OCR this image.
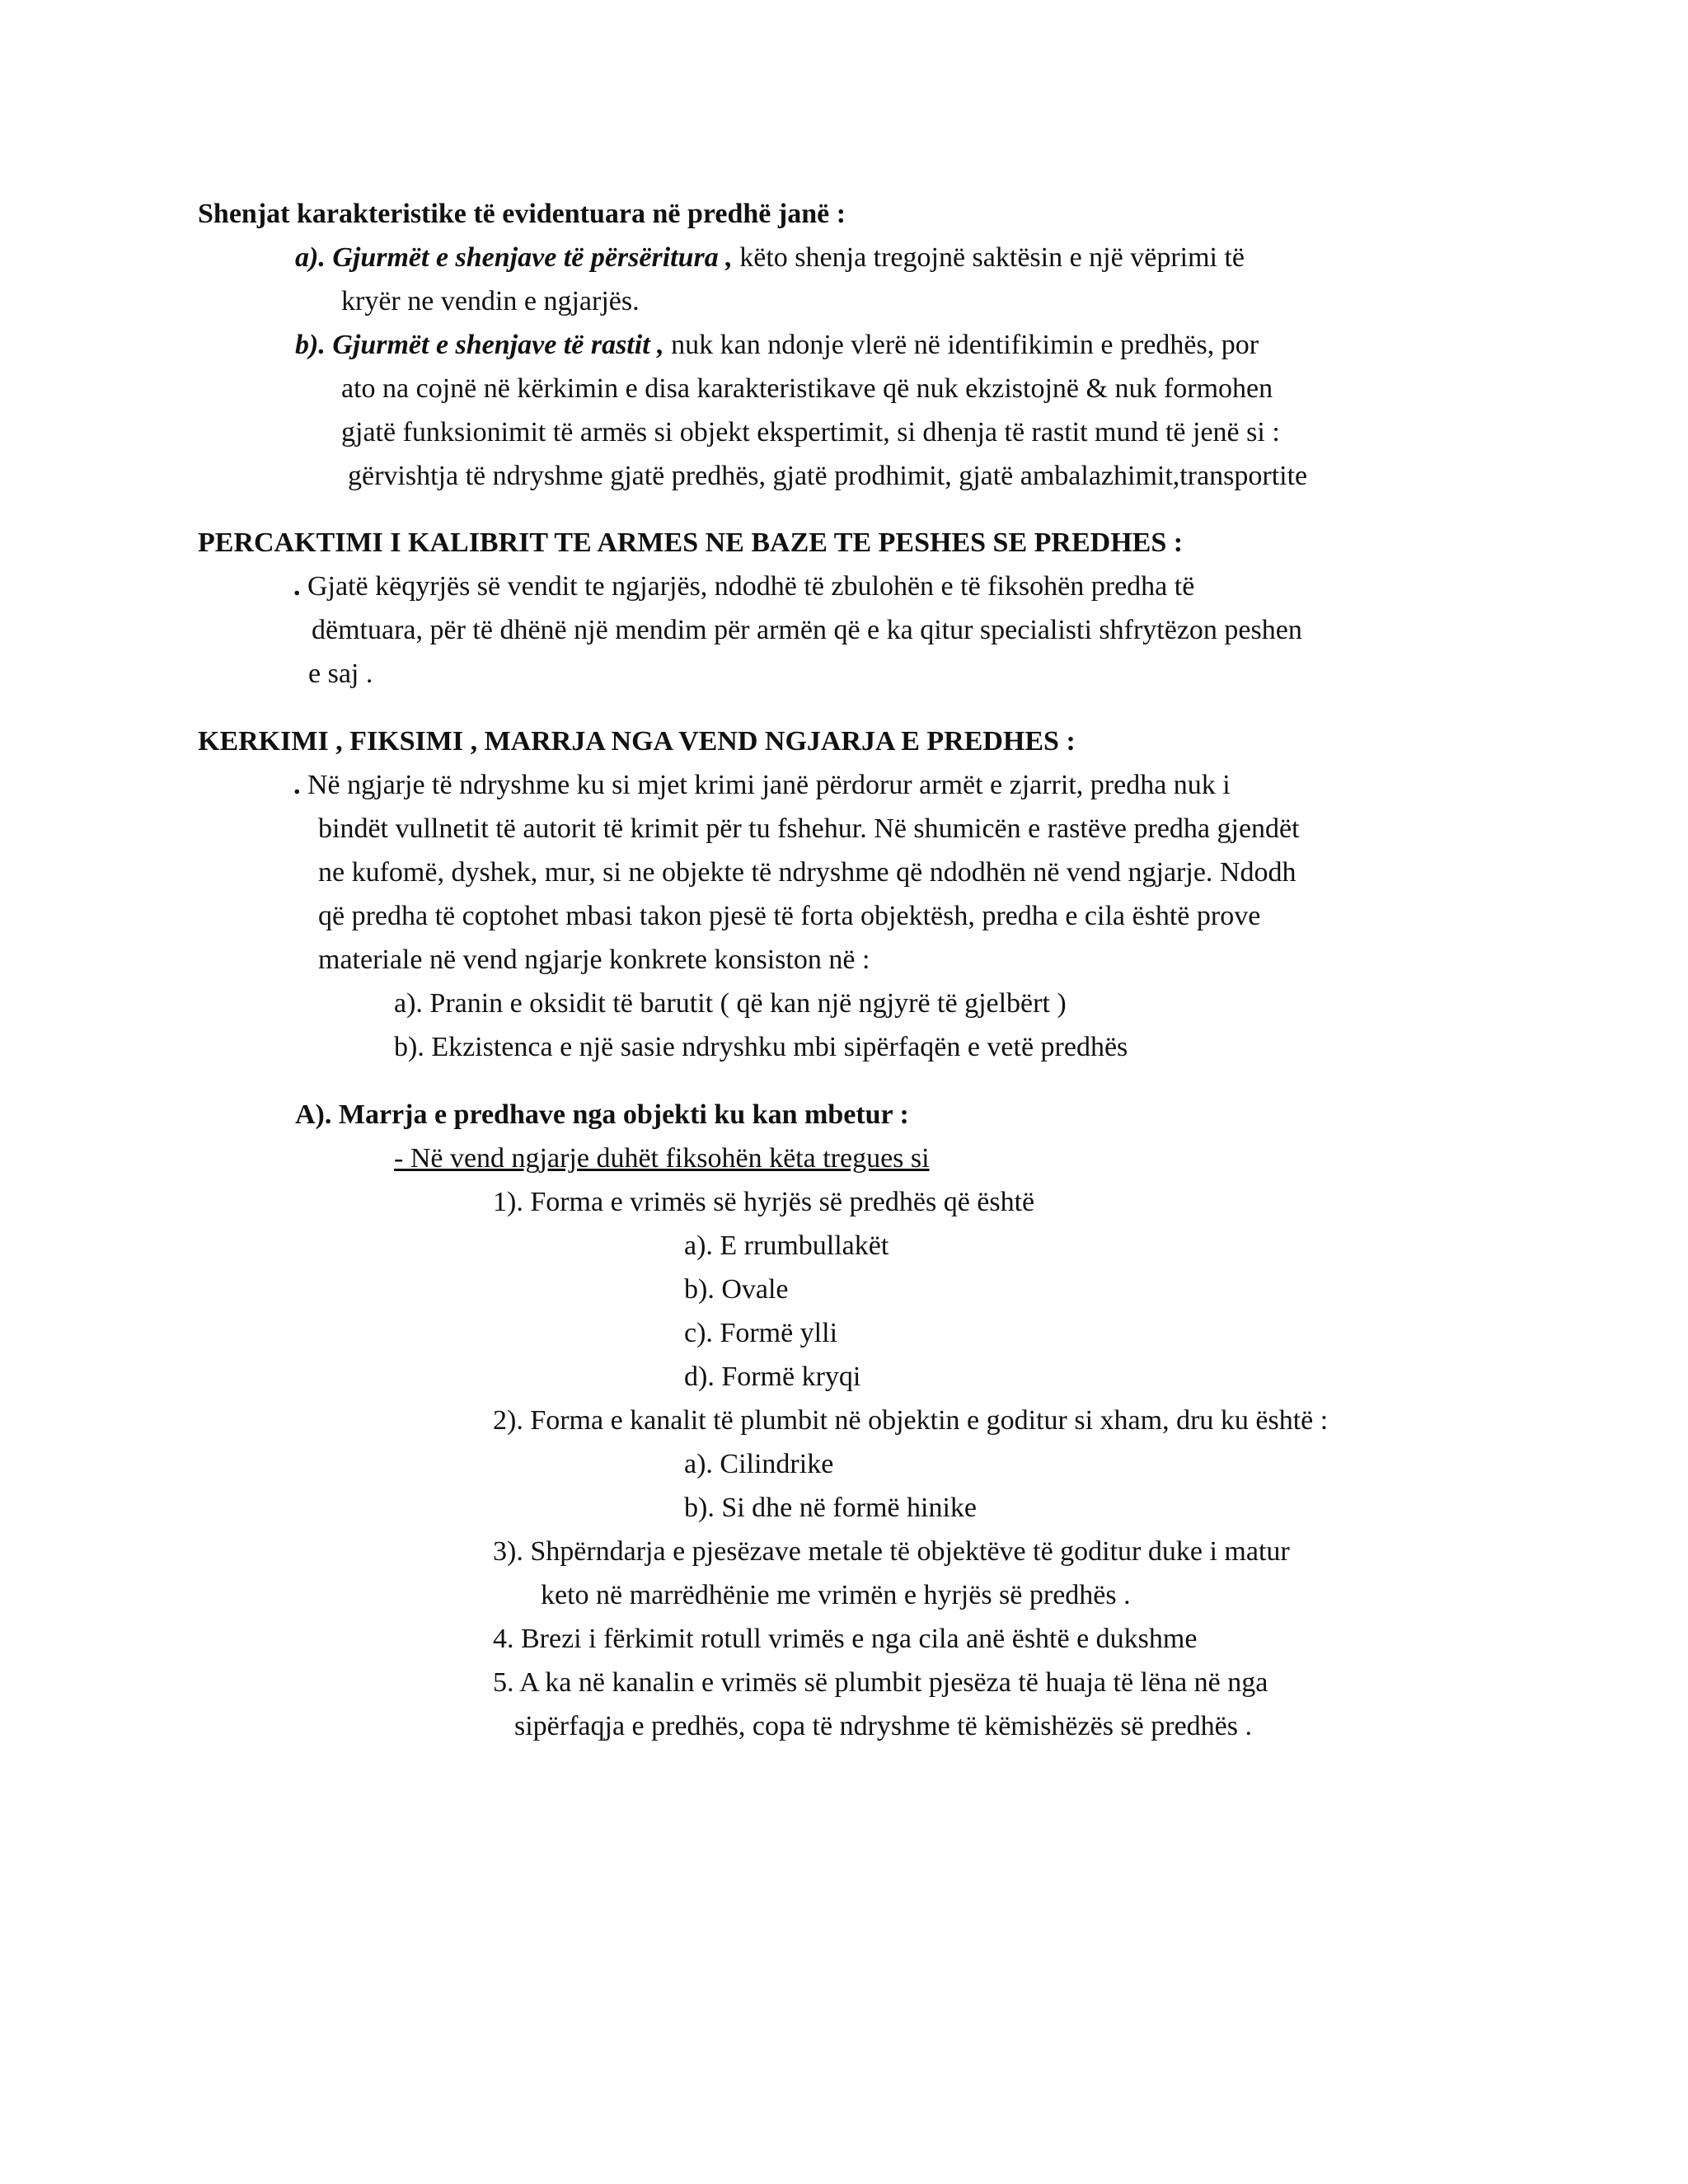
Shenjat karakteristike të evidentuara në predhë janë :
a). Gjurmët e shenjave të përsëritura , këto shenja tregojnë saktësin e një vëprimi të
kryër ne vendin e ngjarjës.
b). Gjurmët e shenjave të rastit , nuk kan ndonje vlerë në identifikimin e predhës, por
ato na cojnë në kërkimin e disa karakteristikave që nuk ekzistojnë & nuk formohen
gjatë funksionimit të armës si objekt ekspertimit, si dhenja të rastit mund të jenë si :
gërvishtja të ndryshme gjatë predhës, gjatë prodhimit, gjatë ambalazhimit,transportite
PERCAKTIMI I KALIBRIT TE ARMES NE BAZE TE PESHES SE PREDHES :
. Gjatë këqyrjës së vendit te ngjarjës, ndodhë të zbulohën e të fiksohën predha të
dëmtuara, për të dhënë një mendim për armën që e ka qitur specialisti shfrytëzon peshen
e saj .
KERKIMI , FIKSIMI , MARRJA NGA VEND NGJARJA E PREDHES :
. Në ngjarje të ndryshme ku si mjet krimi janë përdorur armët e zjarrit, predha nuk i
bindët vullnetit të autorit të krimit për tu fshehur. Në shumicën e rastëve predha gjendët
ne kufomë, dyshek, mur, si ne objekte të ndryshme që ndodhën në vend ngjarje. Ndodh
që predha të coptohet mbasi takon pjesë të forta objektësh, predha e cila është prove
materiale në vend ngjarje konkrete konsiston në :
a). Pranin e oksidit të barutit ( që kan një ngjyrë të gjelbërt )
b). Ekzistenca e një sasie ndryshku mbi sipërfaqën e vetë predhës
A). Marrja e predhave nga objekti ku kan mbetur :
- Në vend ngjarje duhët fiksohën këta tregues si
1). Forma e vrimës së hyrjës së predhës që është
a). E rrumbullakët
b). Ovale
c). Formë ylli
d). Formë kryqi
2). Forma e kanalit të plumbit në objektin e goditur si xham, dru ku është :
a). Cilindrike
b). Si dhe në formë hinike
3). Shpërndarja e pjesëzave metale të objektëve të goditur duke i matur
keto në marrëdhënie me vrimën e hyrjës së predhës .
4. Brezi i fërkimit rotull vrimës e nga cila anë është e dukshme
5. A ka në kanalin e vrimës së plumbit pjesëza të huaja të lëna në nga
sipërfaqja e predhës, copa të ndryshme të këmishëzës së predhës .
